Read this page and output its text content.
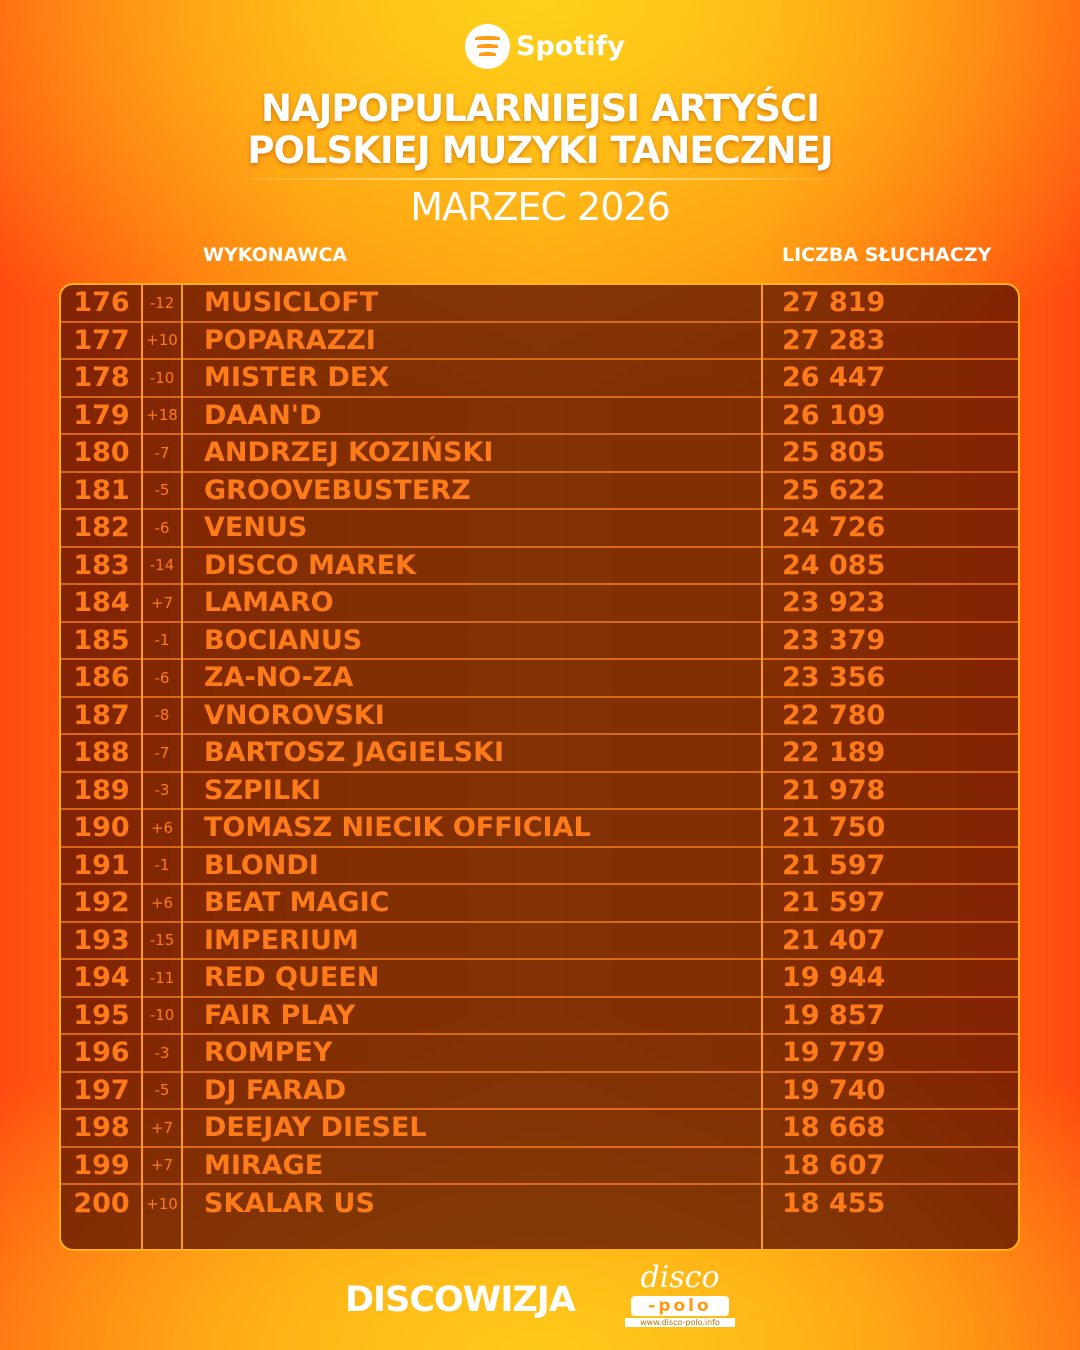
Spotify
NAJPOPULARNIEJSI ARTYŚCI
POLSKIEJ MUZYKI TANECZNEJ
MARZEC 2026
WYKONAWCA	LICZBA SŁUCHACZY
176	-12	MUSICLOFT	27 819
177	+10 POPARAZZI	27 283
178	-10	MISTER DEX	26 447
179	+18 DAAN'D	26 109
180	-7	ANDRZEJ KOZIŃSKI	25 805
181	-5	GROOVEBUSTERZ	25 622
182	-6	VENUS	24 726
183	-14	DISCO MAREK	24 085
184	+7	LAMARO	23 923
185	-1	BOCIANUS	23 379
186	-6	ZA-NO-ZA	23 356
187	-8	VNOROVSKI	22 780
188	-7	BARTOSZ JAGIELSKI	22 189
189	-3	SZPILKI	21 978
190	+6	TOMASZ NIECIK OFFICIAL	21 750
191	-1	BLONDI	21 597
192	+6	BEAT MAGIC	21 597
193	-15	IMPERIUM	21 407
194	-11	RED QUEEN	19 944
195	-10	FAIR PLAY	19 857
196	-3	ROMPEY	19 779
197	-5	DJ FARAD	19 740
198	+7	DEEJAY DIESEL	18 668
199	+7	MIRAGE	18 607
200	+10 SKALAR US	18 455
DISCOWIZJA
disco
-polo
www.disco-polo.info
